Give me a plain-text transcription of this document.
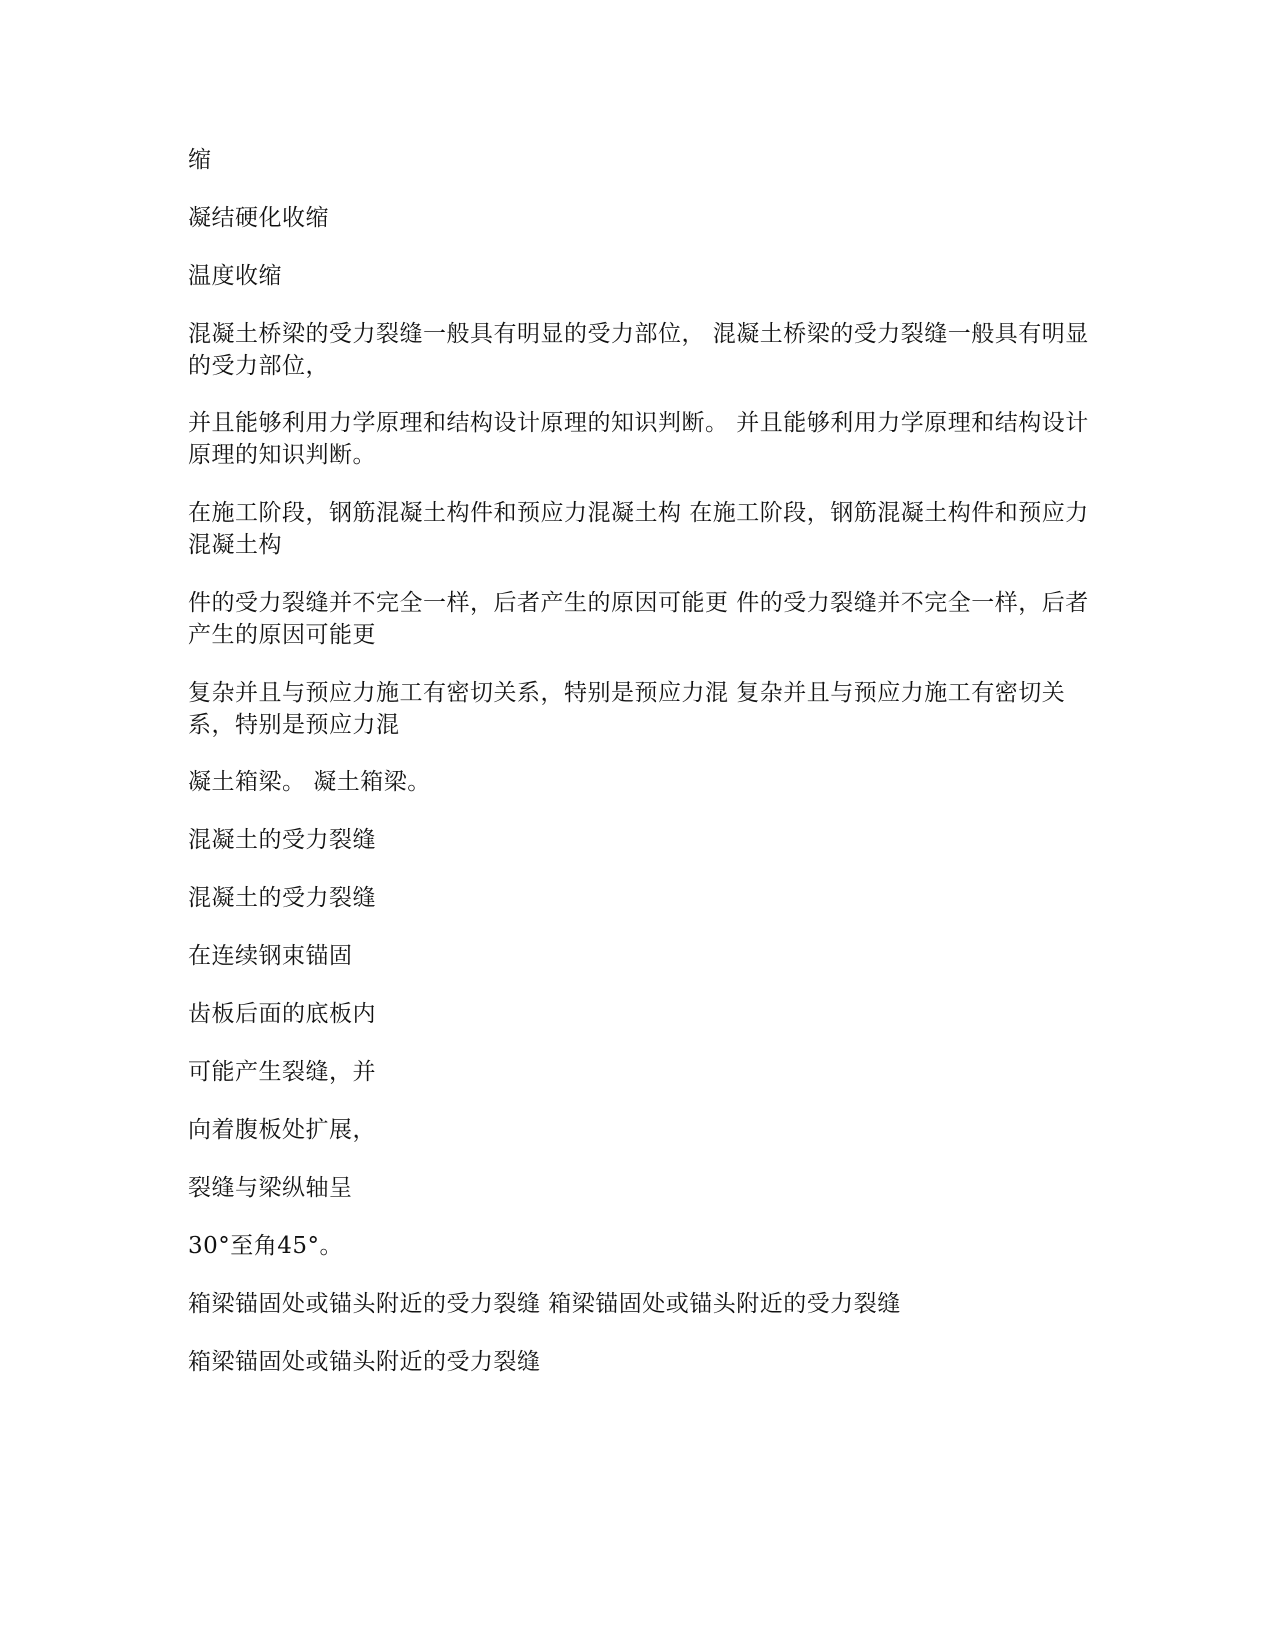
缩

凝结硬化收缩

温度收缩

混凝土桥梁的受力裂缝一般具有明显的受力部位， 混凝土桥梁的受力裂缝一般具有明显的受力部位，

并且能够利用力学原理和结构设计原理的知识判断。 并且能够利用力学原理和结构设计原理的知识判断。

在施工阶段，钢筋混凝土构件和预应力混凝土构 在施工阶段，钢筋混凝土构件和预应力混凝土构

件的受力裂缝并不完全一样，后者产生的原因可能更 件的受力裂缝并不完全一样，后者产生的原因可能更

复杂并且与预应力施工有密切关系，特别是预应力混 复杂并且与预应力施工有密切关系，特别是预应力混

凝土箱梁。 凝土箱梁。

混凝土的受力裂缝

混凝土的受力裂缝

在连续钢束锚固

齿板后面的底板内

可能产生裂缝，并

向着腹板处扩展，

裂缝与梁纵轴呈

30°至角45°。

箱梁锚固处或锚头附近的受力裂缝 箱梁锚固处或锚头附近的受力裂缝

箱梁锚固处或锚头附近的受力裂缝
